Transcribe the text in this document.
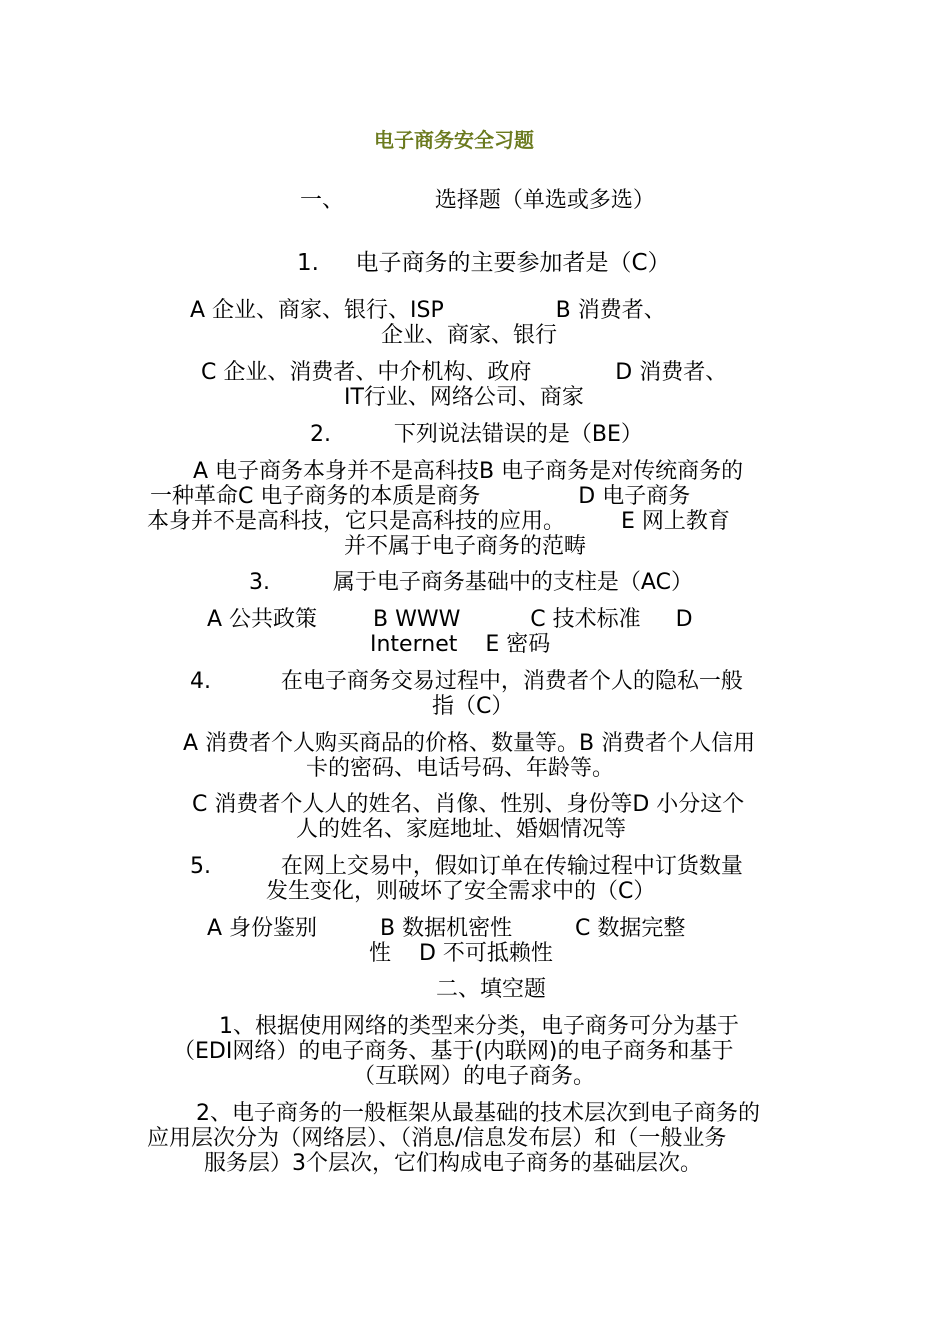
电子商务安全习题
一、             选择题（单选或多选）
1.     电子商务的主要参加者是（C）
A 企业、商家、银行、ISP                B 消费者、
企业、商家、银行
C 企业、消费者、中介机构、政府            D 消费者、
IT行业、网络公司、商家
2.         下列说法错误的是（BE）
A 电子商务本身并不是高科技B 电子商务是对传统商务的
一种革命C 电子商务的本质是商务              D 电子商务
本身并不是高科技，它只是高科技的应用。        E 网上教育
并不属于电子商务的范畴
3.         属于电子商务基础中的支柱是（AC）
A 公共政策        B WWW          C 技术标准     D
Internet    E 密码
4.          在电子商务交易过程中，消费者个人的隐私一般
指（C）
A 消费者个人购买商品的价格、数量等。B 消费者个人信用
卡的密码、电话号码、年龄等。
C 消费者个人人的姓名、肖像、性别、身份等D 小分这个
人的姓名、家庭地址、婚姻情况等
5.          在网上交易中，假如订单在传输过程中订货数量
发生变化，则破坏了安全需求中的（C）
A 身份鉴别         B 数据机密性         C 数据完整
性    D 不可抵赖性
二、填空题
1、根据使用网络的类型来分类，电子商务可分为基于
（EDI网络）的电子商务、基于(内联网)的电子商务和基于
（互联网）的电子商务。
2、电子商务的一般框架从最基础的技术层次到电子商务的
应用层次分为（网络层）、（消息/信息发布层）和（一般业务
服务层）3个层次，它们构成电子商务的基础层次。
